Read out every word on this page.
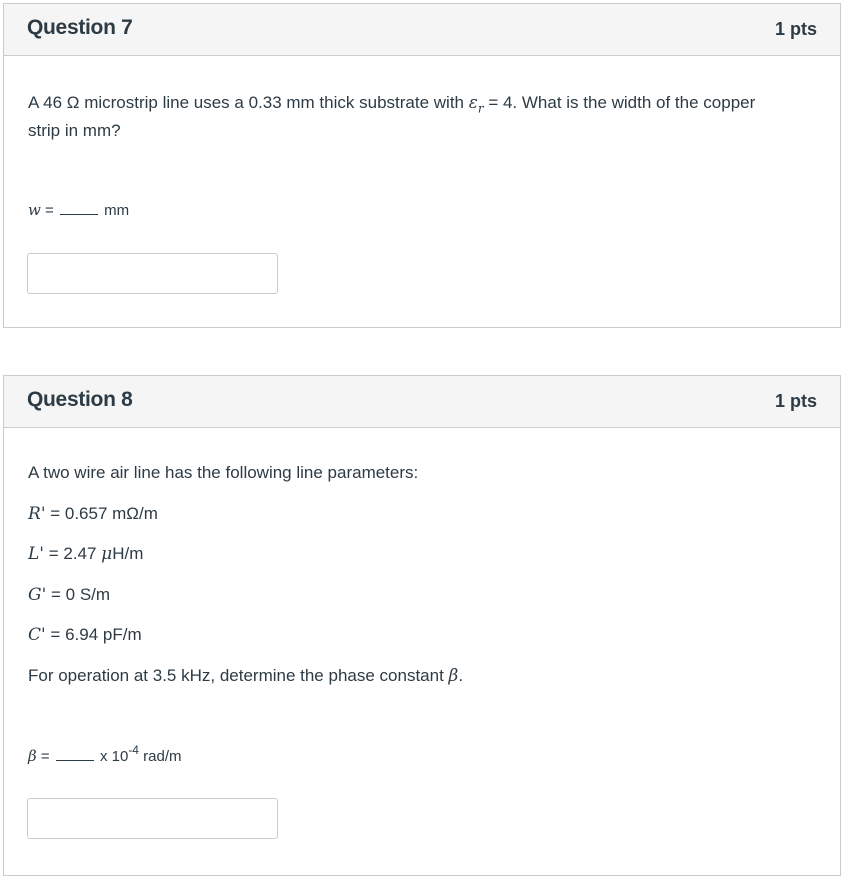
Question 7	1 pts
A 46 Ω microstrip line uses a 0.33 mm thick substrate with $\varepsilon_r = 4$. What is the width of the copper
strip in mm?
w =	mm
Question 8	1 pts
A two wire air line has the following line parameters:
R' = 0.657 mΩ/m
L' = 2.47 μH/m
G' = 0 S/m
C' = 6.94 pF/m
For operation at 3.5 kHz, determine the phase constant β.
β =	x $10^{-4}$ rad/m
